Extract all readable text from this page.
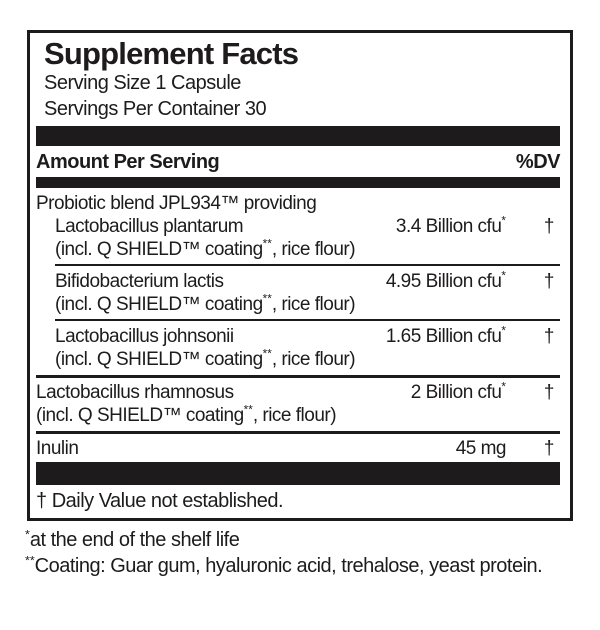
Supplement Facts
Serving Size 1 Capsule
Servings Per Container 30
Amount Per Serving	%DV
Probiotic blend JPL934™ providing
Lactobacillus plantarum	3.4 Billion cfu*	†
(incl. Q SHIELD™ coating**, rice flour)
Bifidobacterium lactis	4.95 Billion cfu*	†
(incl. Q SHIELD™ coating**, rice flour)
Lactobacillus johnsonii	1.65 Billion cfu*	†
(incl. Q SHIELD™ coating**, rice flour)
Lactobacillus rhamnosus	2 Billion cfu*	†
(incl. Q SHIELD™ coating**, rice flour)
Inulin	45 mg	†
† Daily Value not established.
*at the end of the shelf life
**Coating: Guar gum, hyaluronic acid, trehalose, yeast protein.
